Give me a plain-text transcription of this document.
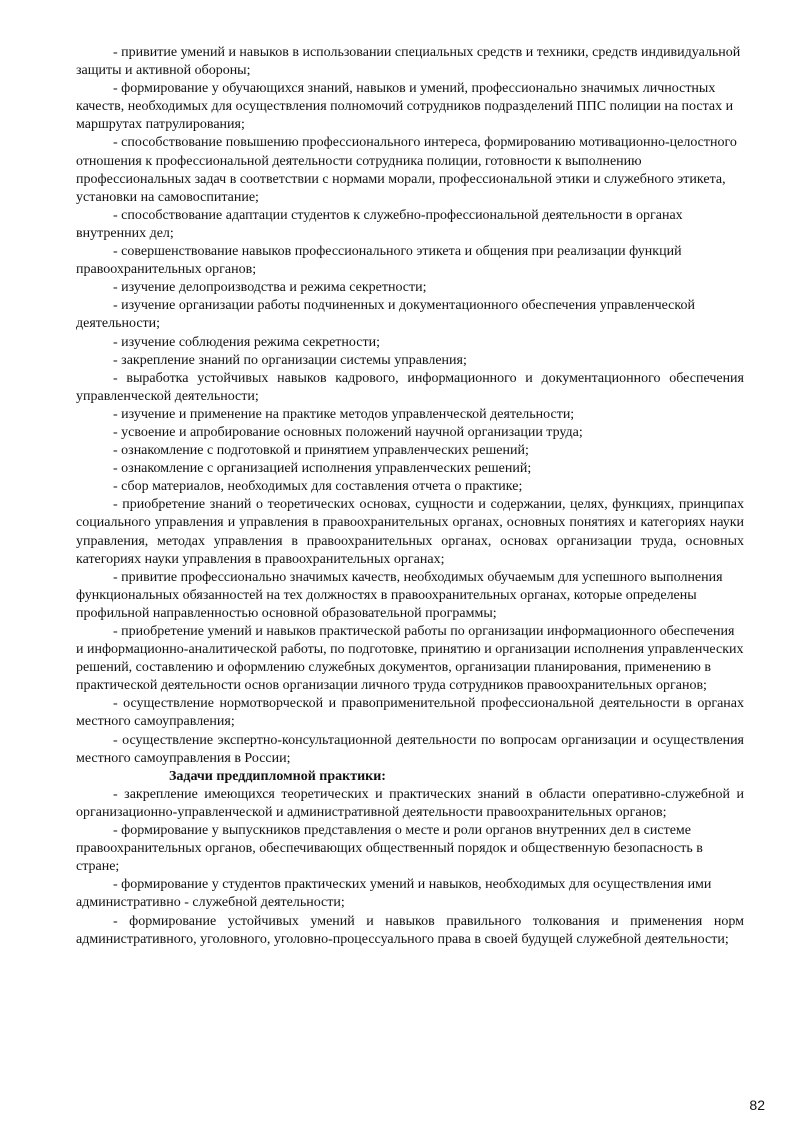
- привитие умений и навыков в использовании специальных средств и техники, средств индивидуальной защиты и активной обороны;

- формирование у обучающихся знаний, навыков и умений, профессионально значимых личностных качеств, необходимых для осуществления полномочий сотрудников подразделений ППС полиции на постах и маршрутах патрулирования;

- способствование повышению профессионального интереса, формированию мотивационно-целостного отношения к профессиональной деятельности сотрудника полиции, готовности к выполнению профессиональных задач в соответствии с нормами морали, профессиональной этики и служебного этикета, установки на самовоспитание;

- способствование адаптации студентов к служебно-профессиональной деятельности в органах внутренних дел;

- совершенствование навыков профессионального этикета и общения при реализации функций правоохранительных органов;

- изучение делопроизводства и режима секретности;

- изучение организации работы подчиненных и документационного обеспечения управленческой деятельности;

- изучение соблюдения режима секретности;

- закрепление знаний по организации системы управления;

- выработка устойчивых навыков кадрового, информационного и документационного обеспечения управленческой деятельности;

- изучение и применение на практике методов управленческой деятельности;

- усвоение и апробирование основных положений научной организации труда;

- ознакомление с подготовкой и принятием управленческих решений;

- ознакомление с организацией исполнения управленческих решений;

- сбор материалов, необходимых для составления отчета о практике;

- приобретение знаний о теоретических основах, сущности и содержании, целях, функциях, принципах социального управления и управления в правоохранительных органах, основных понятиях и категориях науки управления, методах управления в правоохранительных органах, основах организации труда, основных категориях науки управления в правоохранительных органах;

- привитие профессионально значимых качеств, необходимых обучаемым для успешного выполнения функциональных обязанностей на тех должностях в правоохранительных органах, которые определены профильной направленностью основной образовательной программы;

- приобретение умений и навыков практической работы по организации информационного обеспечения и информационно-аналитической работы, по подготовке, принятию и организации исполнения управленческих решений, составлению и оформлению служебных документов, организации планирования, применению в практической деятельности основ организации личного труда сотрудников правоохранительных органов;

- осуществление нормотворческой и правоприменительной профессиональной деятельности в органах местного самоуправления;

- осуществление экспертно-консультационной деятельности по вопросам организации и осуществления местного самоуправления в России;

Задачи преддипломной практики:

- закрепление имеющихся теоретических и практических знаний в области оперативно-служебной и организационно-управленческой и административной деятельности правоохранительных органов;

- формирование у выпускников представления о месте и роли органов внутренних дел в системе правоохранительных органов, обеспечивающих общественный порядок и общественную безопасность в стране;

- формирование у студентов практических умений и навыков, необходимых для осуществления ими административно - служебной деятельности;

- формирование устойчивых умений и навыков правильного толкования и применения норм административного, уголовного, уголовно-процессуального права в своей будущей служебной деятельности;

82
